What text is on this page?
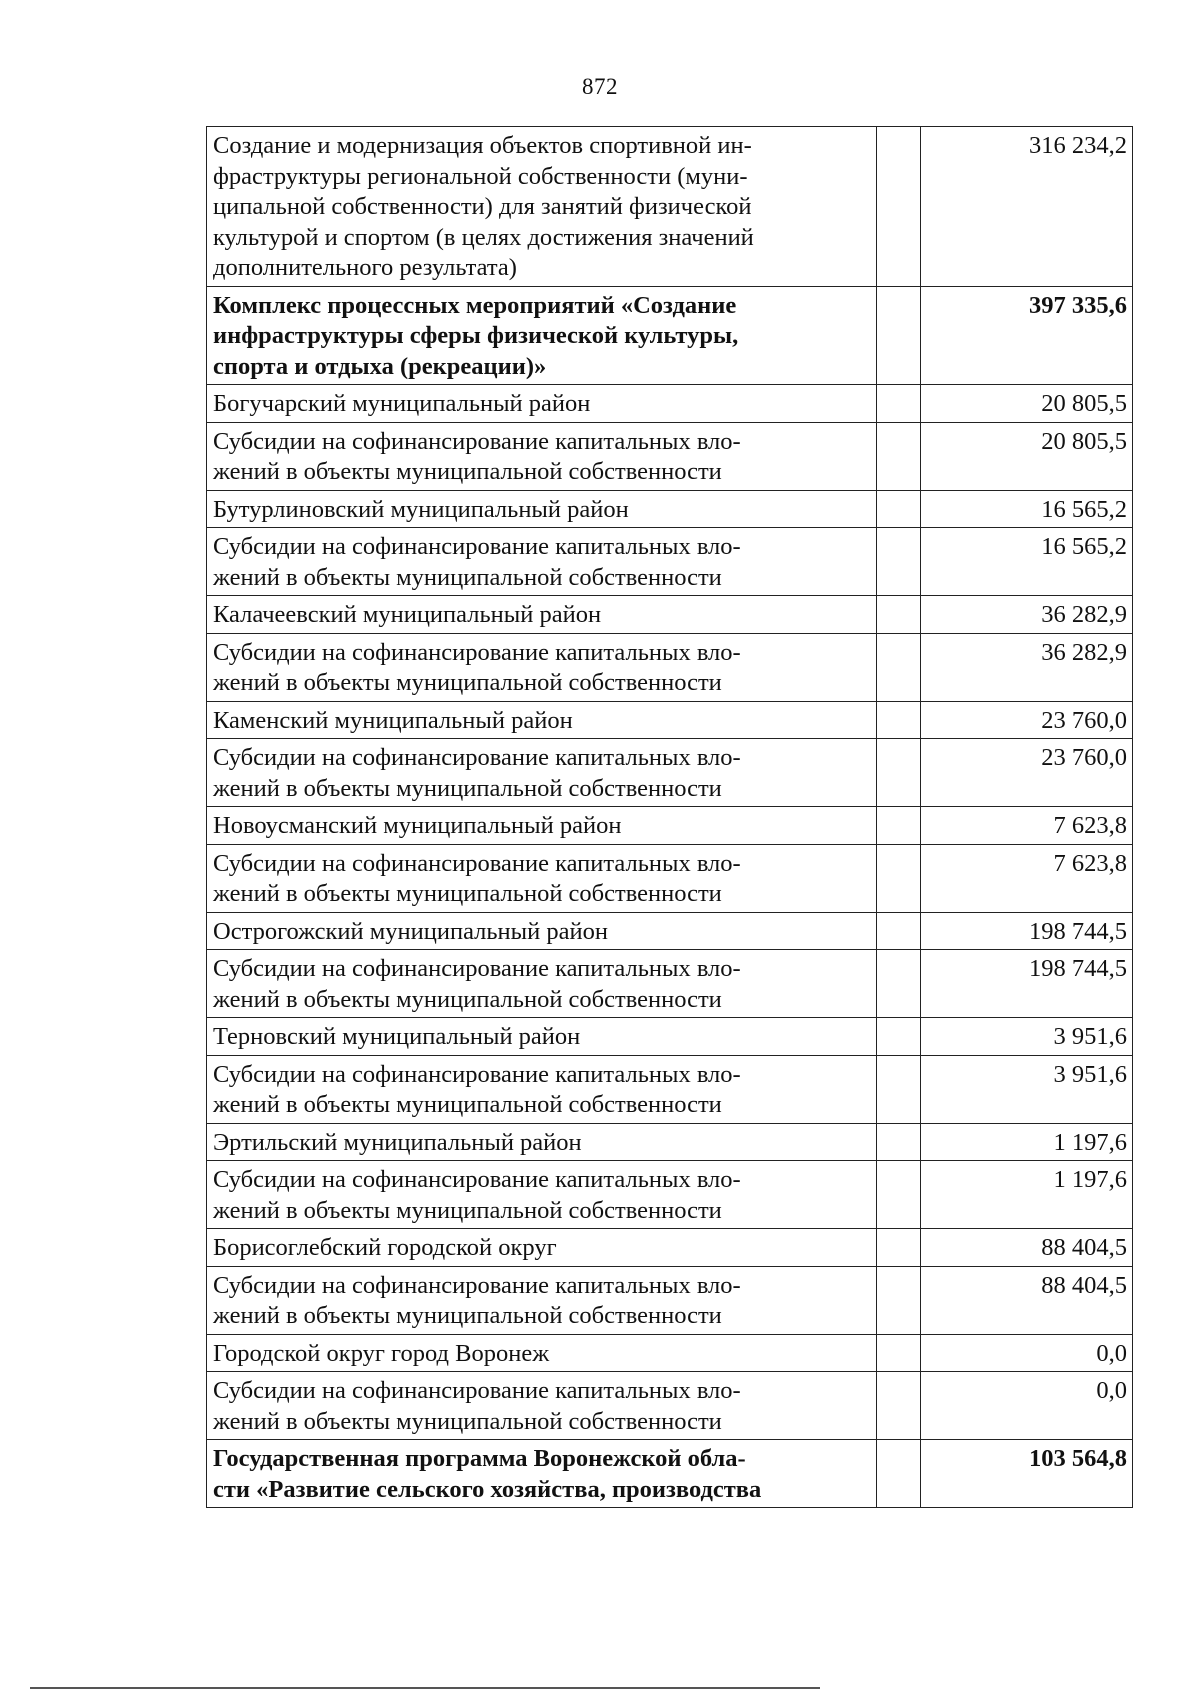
872
Создание и модернизация объектов спортивной ин-
фраструктуры региональной собственности (муни-
ципальной собственности) для занятий физической
культурой и спортом (в целях достижения значений
дополнительного результата)		316 234,2
Комплекс процессных мероприятий «Создание
инфраструктуры сферы физической культуры,
спорта и отдыха (рекреации)»		397 335,6
Богучарский муниципальный район		20 805,5
Субсидии на софинансирование капитальных вло-
жений в объекты муниципальной собственности		20 805,5
Бутурлиновский муниципальный район		16 565,2
Субсидии на софинансирование капитальных вло-
жений в объекты муниципальной собственности		16 565,2
Калачеевский муниципальный район		36 282,9
Субсидии на софинансирование капитальных вло-
жений в объекты муниципальной собственности		36 282,9
Каменский муниципальный район		23 760,0
Субсидии на софинансирование капитальных вло-
жений в объекты муниципальной собственности		23 760,0
Новоусманский муниципальный район		7 623,8
Субсидии на софинансирование капитальных вло-
жений в объекты муниципальной собственности		7 623,8
Острогожский муниципальный район		198 744,5
Субсидии на софинансирование капитальных вло-
жений в объекты муниципальной собственности		198 744,5
Терновский муниципальный район		3 951,6
Субсидии на софинансирование капитальных вло-
жений в объекты муниципальной собственности		3 951,6
Эртильский муниципальный район		1 197,6
Субсидии на софинансирование капитальных вло-
жений в объекты муниципальной собственности		1 197,6
Борисоглебский городской округ		88 404,5
Субсидии на софинансирование капитальных вло-
жений в объекты муниципальной собственности		88 404,5
Городской округ город Воронеж		0,0
Субсидии на софинансирование капитальных вло-
жений в объекты муниципальной собственности		0,0
Государственная программа Воронежской обла-
сти «Развитие сельского хозяйства, производства		103 564,8
